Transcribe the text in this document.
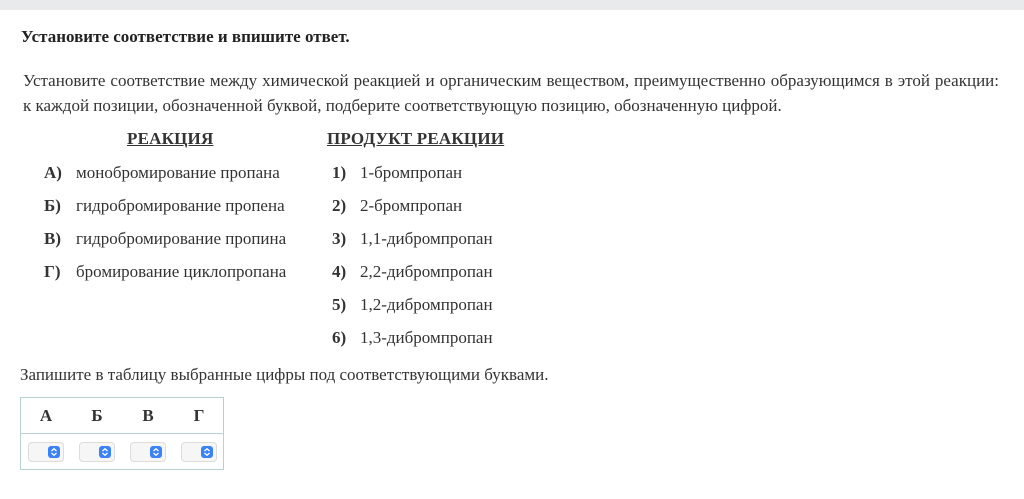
Установите соответствие и впишите ответ.
Установите соответствие между химической реакцией и органическим веществом, преимущественно образующимся в этой реакции: к каждой позиции, обозначенной буквой, подберите соответствующую позицию, обозначенную цифрой.
РЕАКЦИЯ	ПРОДУКТ РЕАКЦИИ
А) монобромирование пропана
Б) гидробромирование пропена
В) гидробромирование пропина
Г) бромирование циклопропана
1) 1-бромпропан
2) 2-бромпропан
3) 1,1-дибромпропан
4) 2,2-дибромпропан
5) 1,2-дибромпропан
6) 1,3-дибромпропан
Запишите в таблицу выбранные цифры под соответствующими буквами.
А	Б	В	Г
